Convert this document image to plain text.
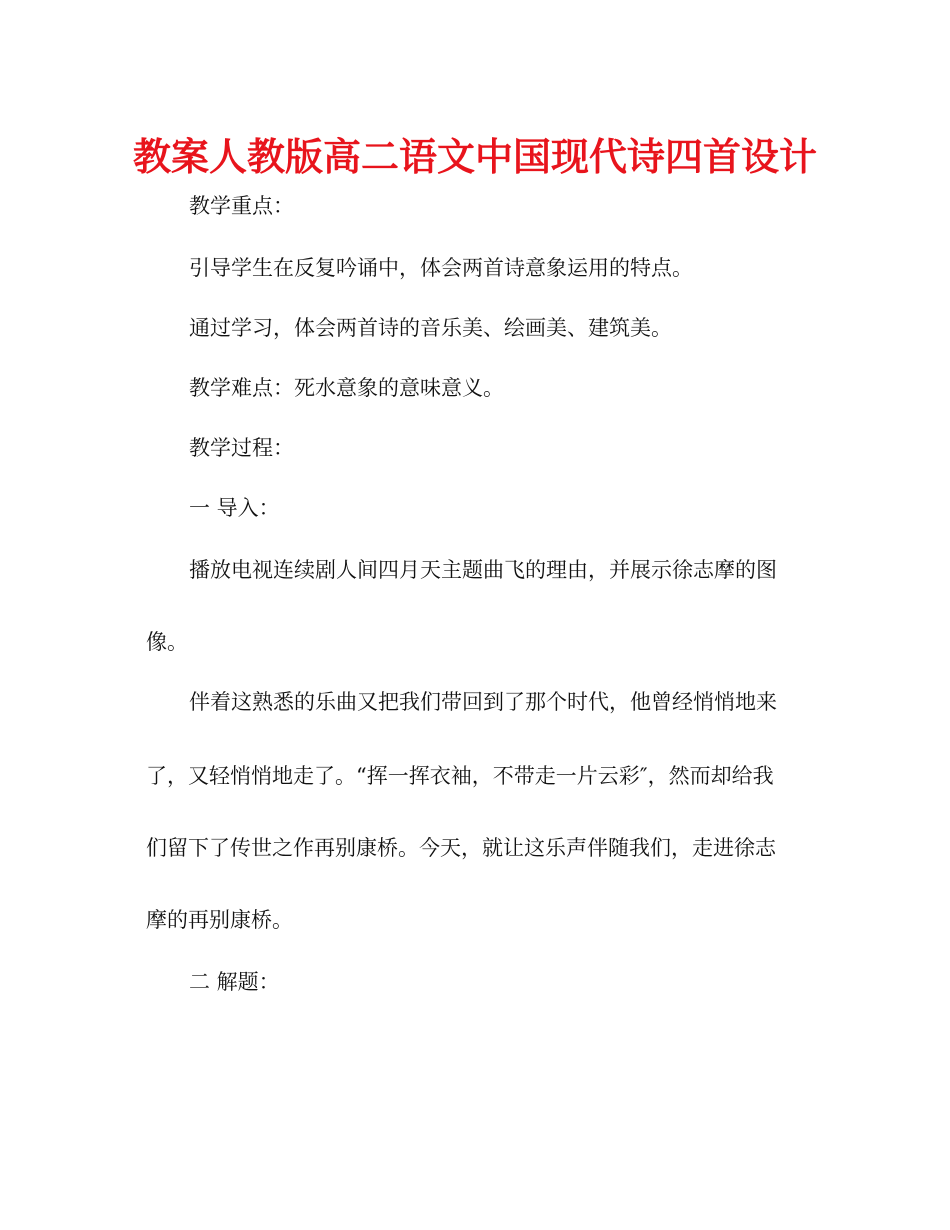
教案人教版高二语文中国现代诗四首设计
教学重点：
引导学生在反复吟诵中，体会两首诗意象运用的特点。
通过学习，体会两首诗的音乐美、绘画美、建筑美。
教学难点：死水意象的意味意义。
教学过程：
一 导入：
播放电视连续剧人间四月天主题曲飞的理由，并展示徐志摩的图
像。
伴着这熟悉的乐曲又把我们带回到了那个时代，他曾经悄悄地来
了，又轻悄悄地走了。“挥一挥衣袖，不带走一片云彩″，然而却给我
们留下了传世之作再别康桥。今天，就让这乐声伴随我们，走进徐志
摩的再别康桥。
二 解题：
